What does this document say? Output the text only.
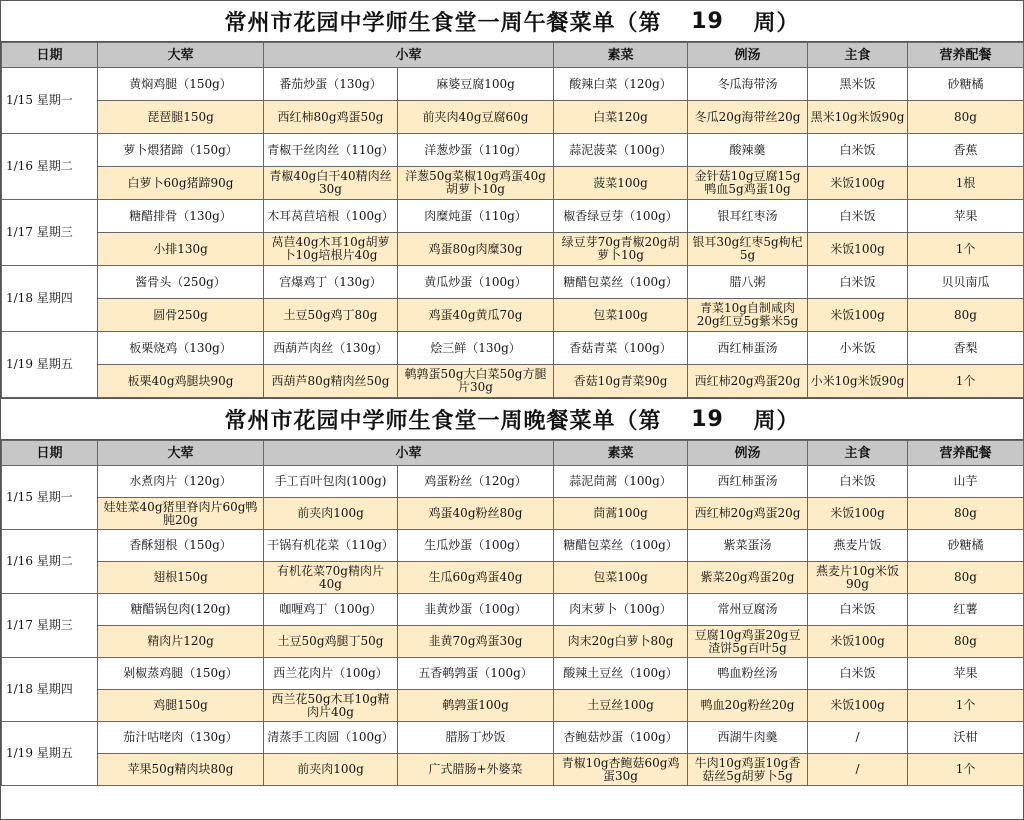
常州市花园中学师生食堂一周午餐菜单（第	19	周）
日期	大荤	小荤		素菜	例汤	主食	营养配餐
1/15 星期一	黄焖鸡腿（150g）	番茄炒蛋（130g）	麻婆豆腐100g	酸辣白菜（120g）	冬瓜海带汤	黑米饭	砂糖橘
	琵琶腿150g	西红柿80g鸡蛋50g	前夹肉40g豆腐60g	白菜120g	冬瓜20g海带丝20g	黑米10g米饭90g	80g
1/16 星期二	萝卜煨猪蹄（150g）	青椒干丝肉丝（110g）	洋葱炒蛋（110g）	蒜泥菠菜（100g）	酸辣羹	白米饭	香蕉
	白萝卜60g猪蹄90g	青椒40g白干40精肉丝30g	洋葱50g菜椒10g鸡蛋40g胡萝卜10g	菠菜100g	金针菇10g豆腐15g鸭血5g鸡蛋10g	米饭100g	1根
1/17 星期三	糖醋排骨（130g）	木耳莴苣培根（100g）	肉糜炖蛋（110g）	椒香绿豆芽（100g）	银耳红枣汤	白米饭	苹果
	小排130g	莴苣40g木耳10g胡萝卜10g培根片40g	鸡蛋80g肉糜30g	绿豆芽70g青椒20g胡萝卜10g	银耳30g红枣5g枸杞5g	米饭100g	1个
1/18 星期四	酱骨头（250g）	宫爆鸡丁（130g）	黄瓜炒蛋（100g）	糖醋包菜丝（100g）	腊八粥	白米饭	贝贝南瓜
	圆骨250g	土豆50g鸡丁80g	鸡蛋40g黄瓜70g	包菜100g	青菜10g自制咸肉20g红豆5g紫米5g	米饭100g	80g
1/19 星期五	板栗烧鸡（130g）	西葫芦肉丝（130g）	烩三鲜（130g）	香菇青菜（100g）	西红柿蛋汤	小米饭	香梨
	板栗40g鸡腿块90g	西葫芦80g精肉丝50g	鹌鹑蛋50g大白菜50g方腿片30g	香菇10g青菜90g	西红柿20g鸡蛋20g	小米10g米饭90g	1个
常州市花园中学师生食堂一周晚餐菜单（第	19	周）
日期	大荤	小荤		素菜	例汤	主食	营养配餐
1/15 星期一	水煮肉片（120g）	手工百叶包肉(100g)	鸡蛋粉丝（120g）	蒜泥茼蒿（100g）	西红柿蛋汤	白米饭	山芋
	娃娃菜40g猪里脊肉片60g鸭肫20g	前夹肉100g	鸡蛋40g粉丝80g	茼蒿100g	西红柿20g鸡蛋20g	米饭100g	80g
1/16 星期二	香酥翅根（150g）	干锅有机花菜（110g）	生瓜炒蛋（100g）	糖醋包菜丝（100g）	紫菜蛋汤	燕麦片饭	砂糖橘
	翅根150g	有机花菜70g精肉片40g	生瓜60g鸡蛋40g	包菜100g	紫菜20g鸡蛋20g	燕麦片10g米饭90g	80g
1/17 星期三	糖醋锅包肉(120g)	咖喱鸡丁（100g）	韭黄炒蛋（100g）	肉末萝卜（100g）	常州豆腐汤	白米饭	红薯
	精肉片120g	土豆50g鸡腿丁50g	韭黄70g鸡蛋30g	肉末20g白萝卜80g	豆腐10g鸡蛋20g豆渣饼5g百叶5g	米饭100g	80g
1/18 星期四	剁椒蒸鸡腿（150g）	西兰花肉片（100g）	五香鹌鹑蛋（100g）	酸辣土豆丝（100g）	鸭血粉丝汤	白米饭	苹果
	鸡腿150g	西兰花50g木耳10g精肉片40g	鹌鹑蛋100g	土豆丝100g	鸭血20g粉丝20g	米饭100g	1个
1/19 星期五	茄汁咕咾肉（130g）	清蒸手工肉圆（100g）	腊肠丁炒饭	杏鲍菇炒蛋（100g）	西湖牛肉羹	/	沃柑
	苹果50g精肉块80g	前夹肉100g	广式腊肠+外婆菜	青椒10g杏鲍菇60g鸡蛋30g	牛肉10g鸡蛋10g香菇丝5g胡萝卜5g	/	1个
